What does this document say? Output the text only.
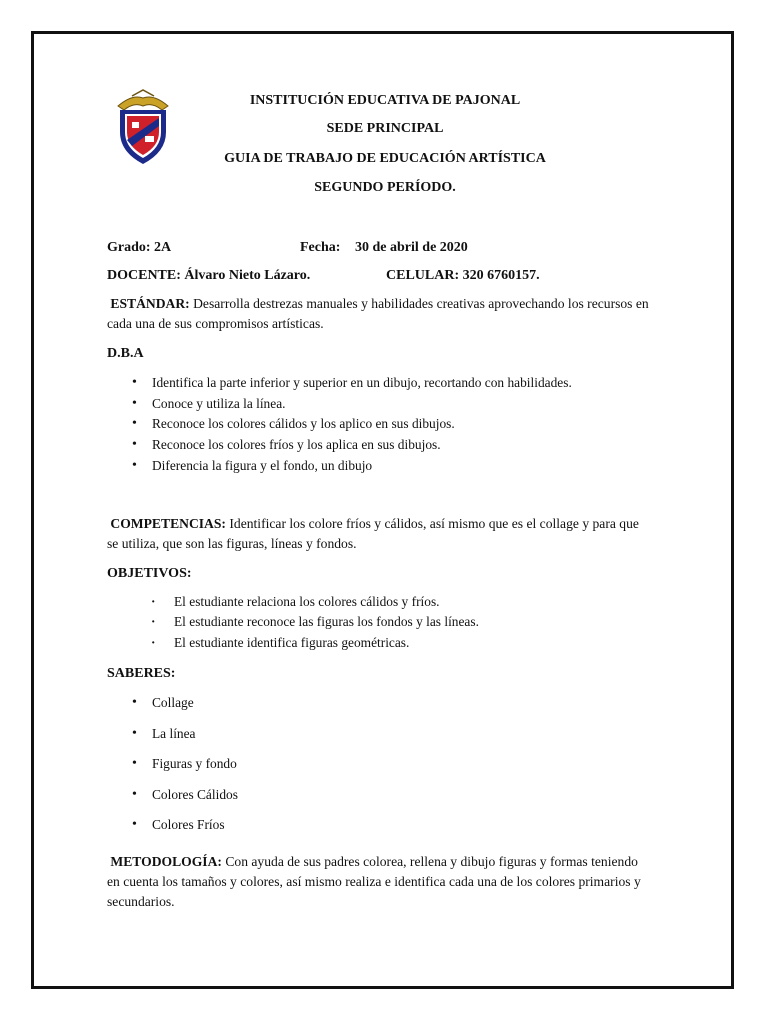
INSTITUCIÓN EDUCATIVA DE PAJONAL
SEDE PRINCIPAL
GUIA DE TRABAJO DE EDUCACIÓN ARTÍSTICA
SEGUNDO PERÍODO.
Grado: 2A	Fecha: 30 de abril de 2020
DOCENTE: Álvaro Nieto Lázaro.	CELULAR: 320 6760157.
ESTÁNDAR: Desarrolla destrezas manuales y habilidades creativas aprovechando los recursos en cada una de sus compromisos artísticas.
D.B.A
• Identifica la parte inferior y superior en un dibujo, recortando con habilidades.
• Conoce y utiliza la línea.
• Reconoce los colores cálidos y los aplico en sus dibujos.
• Reconoce los colores fríos y los aplica en sus dibujos.
• Diferencia la figura y el fondo, un dibujo
COMPETENCIAS: Identificar los colore fríos y cálidos, así mismo que es el collage y para que se utiliza, que son las figuras, líneas y fondos.
OBJETIVOS:
· El estudiante relaciona los colores cálidos y fríos.
· El estudiante reconoce las figuras los fondos y las líneas.
· El estudiante identifica figuras geométricas.
SABERES:
• Collage
• La línea
• Figuras y fondo
• Colores Cálidos
• Colores Fríos
METODOLOGÍA: Con ayuda de sus padres colorea, rellena y dibujo figuras y formas teniendo en cuenta los tamaños y colores, así mismo realiza e identifica cada una de los colores primarios y secundarios.
